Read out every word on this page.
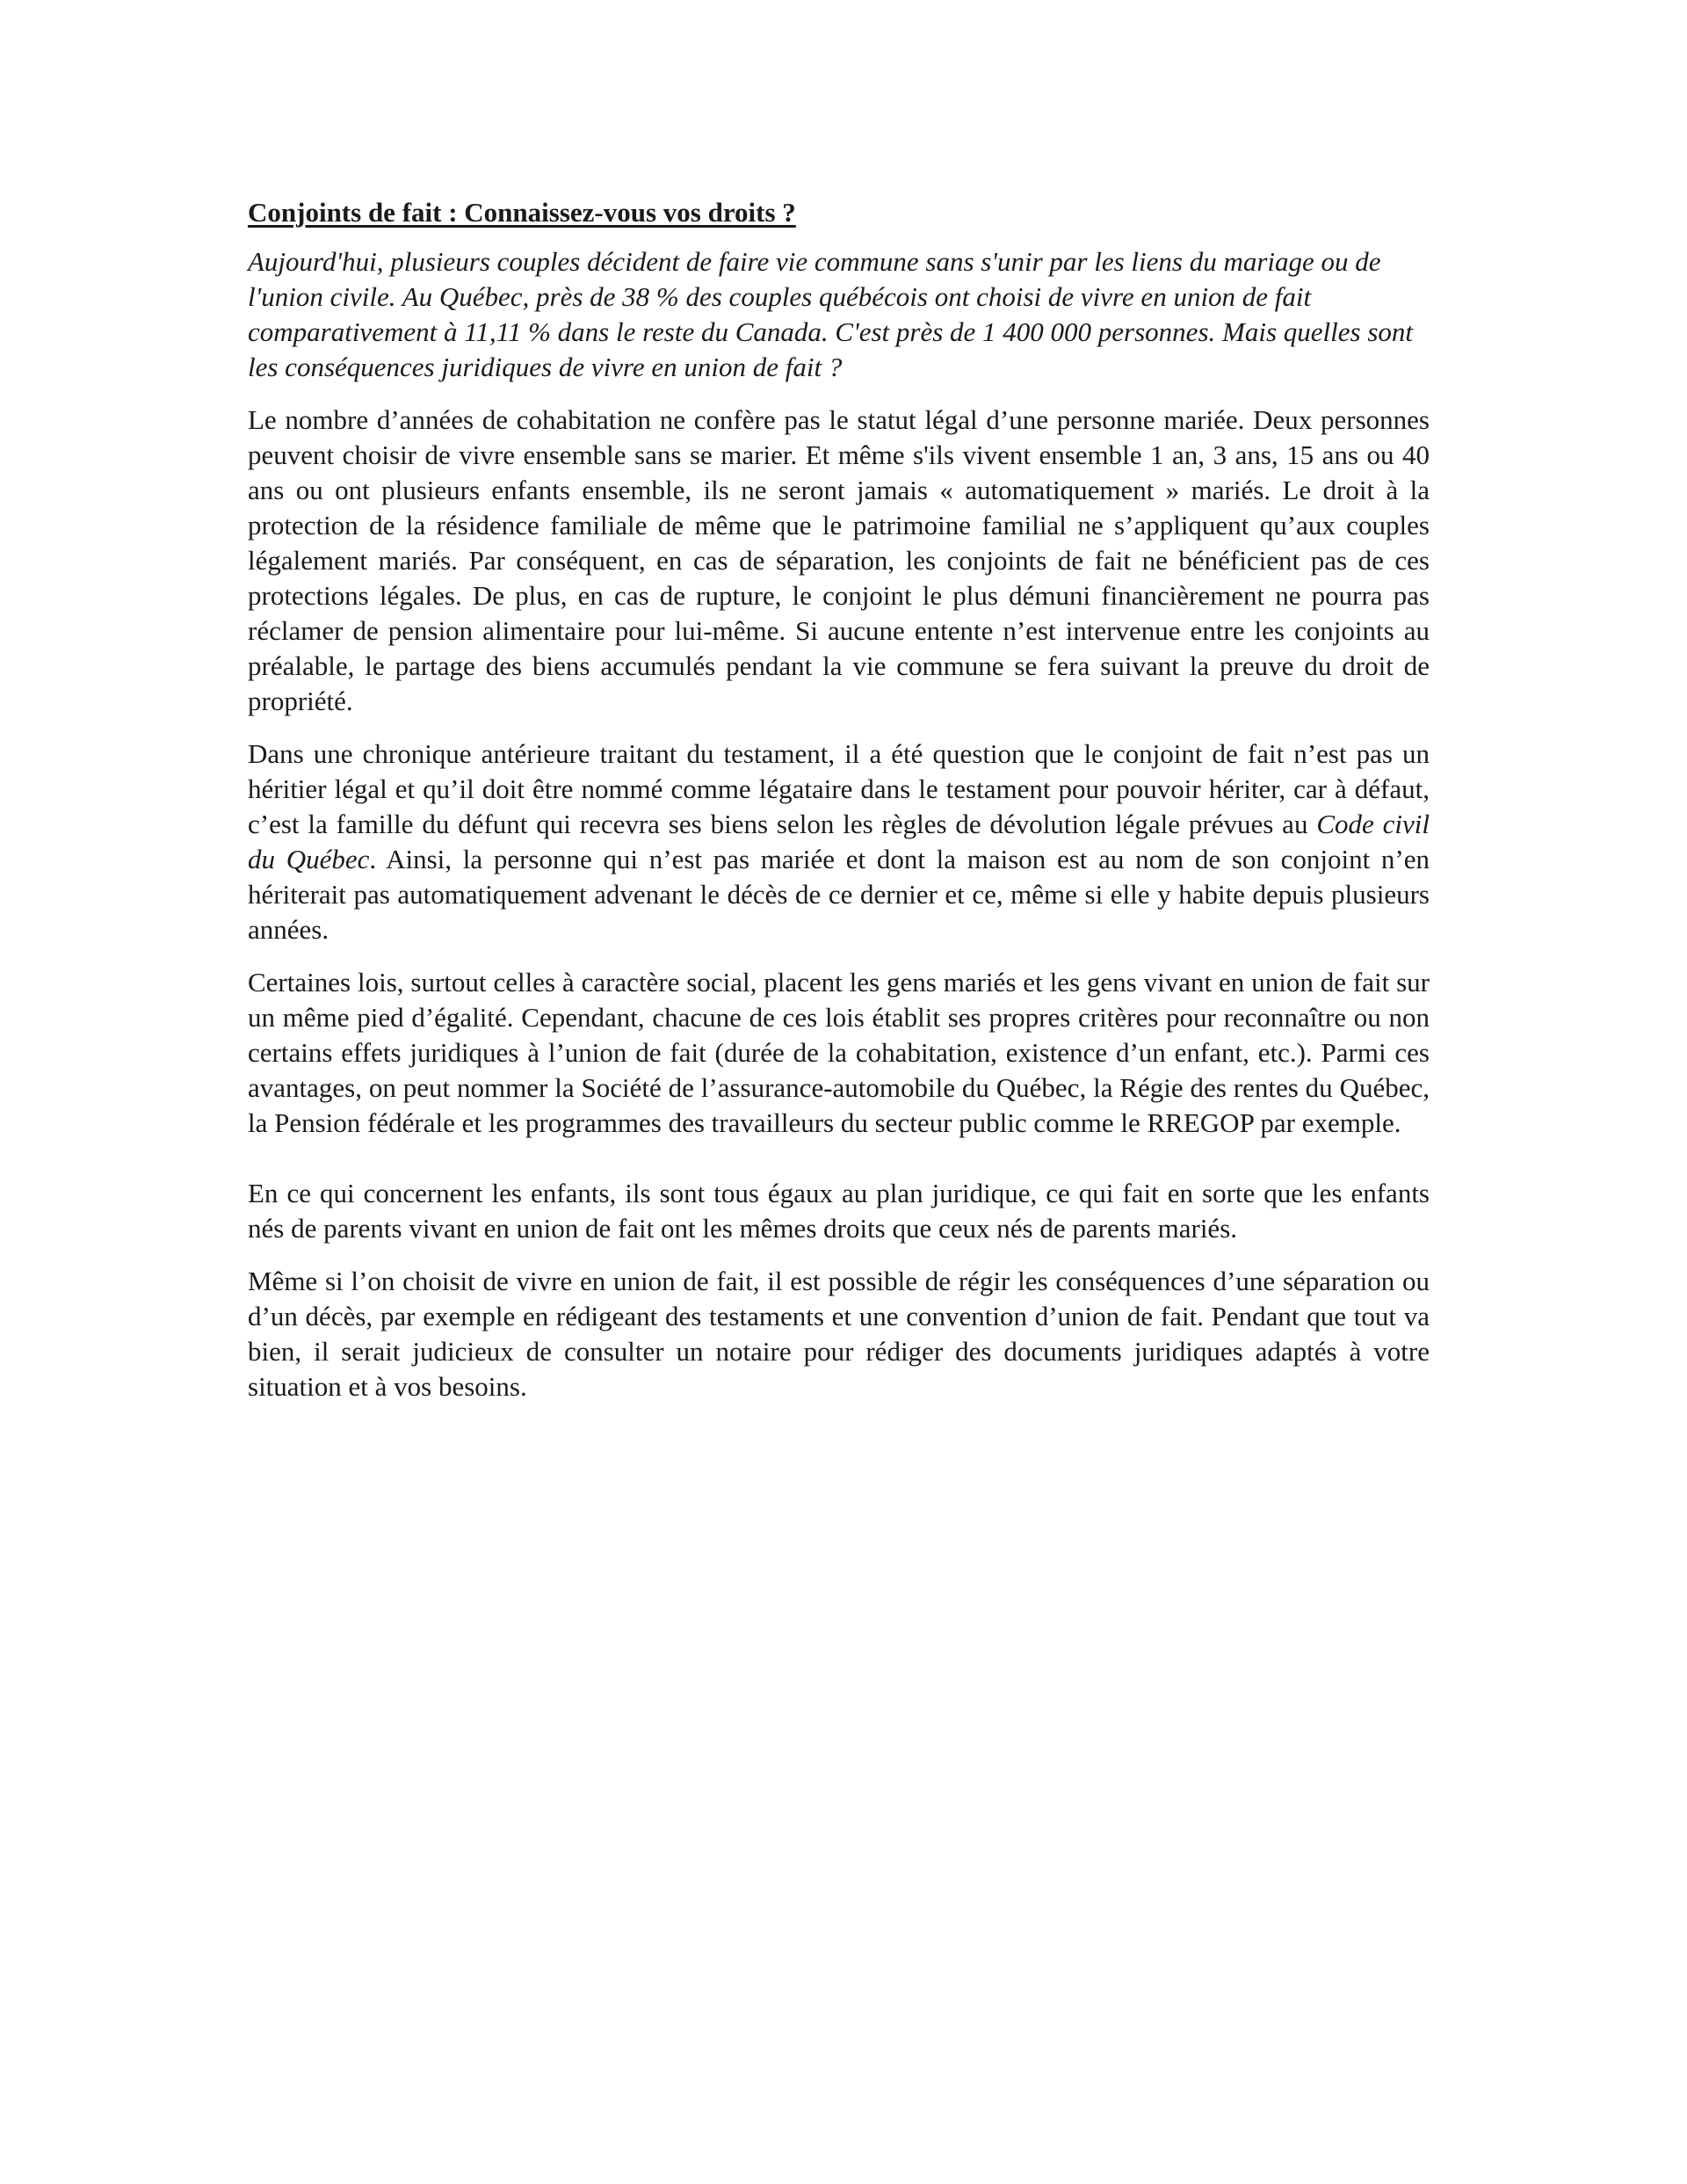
Conjoints de fait : Connaissez-vous vos droits ?

Aujourd'hui, plusieurs couples décident de faire vie commune sans s'unir par les liens du mariage ou de l'union civile. Au Québec, près de 38 % des couples québécois ont choisi de vivre en union de fait comparativement à 11,11 % dans le reste du Canada. C'est près de 1 400 000 personnes. Mais quelles sont les conséquences juridiques de vivre en union de fait ?

Le nombre d’années de cohabitation ne confère pas le statut légal d’une personne mariée. Deux personnes peuvent choisir de vivre ensemble sans se marier. Et même s'ils vivent ensemble 1 an, 3 ans, 15 ans ou 40 ans ou ont plusieurs enfants ensemble, ils ne seront jamais « automatiquement » mariés. Le droit à la protection de la résidence familiale de même que le patrimoine familial ne s’appliquent qu’aux couples légalement mariés. Par conséquent, en cas de séparation, les conjoints de fait ne bénéficient pas de ces protections légales. De plus, en cas de rupture, le conjoint le plus démuni financièrement ne pourra pas réclamer de pension alimentaire pour lui-même. Si aucune entente n’est intervenue entre les conjoints au préalable, le partage des biens accumulés pendant la vie commune se fera suivant la preuve du droit de propriété.

Dans une chronique antérieure traitant du testament, il a été question que le conjoint de fait n’est pas un héritier légal et qu’il doit être nommé comme légataire dans le testament pour pouvoir hériter, car à défaut, c’est la famille du défunt qui recevra ses biens selon les règles de dévolution légale prévues au Code civil du Québec. Ainsi, la personne qui n’est pas mariée et dont la maison est au nom de son conjoint n’en hériterait pas automatiquement advenant le décès de ce dernier et ce, même si elle y habite depuis plusieurs années.

Certaines lois, surtout celles à caractère social, placent les gens mariés et les gens vivant en union de fait sur un même pied d’égalité. Cependant, chacune de ces lois établit ses propres critères pour reconnaître ou non certains effets juridiques à l’union de fait (durée de la cohabitation, existence d’un enfant, etc.). Parmi ces avantages, on peut nommer la Société de l’assurance-automobile du Québec, la Régie des rentes du Québec, la Pension fédérale et les programmes des travailleurs du secteur public comme le RREGOP par exemple.

En ce qui concernent les enfants, ils sont tous égaux au plan juridique, ce qui fait en sorte que les enfants nés de parents vivant en union de fait ont les mêmes droits que ceux nés de parents mariés.

Même si l’on choisit de vivre en union de fait, il est possible de régir les conséquences d’une séparation ou d’un décès, par exemple en rédigeant des testaments et une convention d’union de fait. Pendant que tout va bien, il serait judicieux de consulter un notaire pour rédiger des documents juridiques adaptés à votre situation et à vos besoins.
